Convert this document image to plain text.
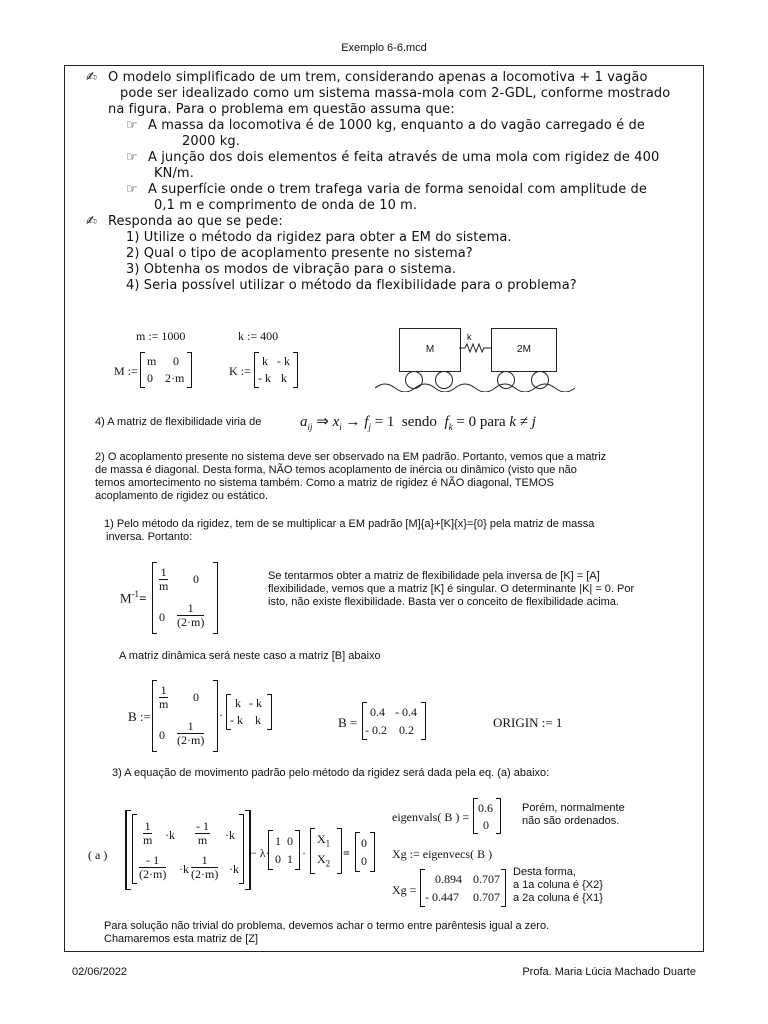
Exemplo 6-6.mcd
✍ O modelo simplificado de um trem, considerando apenas a locomotiva + 1 vagão
pode ser idealizado como um sistema massa-mola com 2-GDL, conforme mostrado
na figura. Para o problema em questão assuma que:
☞ A massa da locomotiva é de 1000 kg, enquanto a do vagão carregado é de
2000 kg.
☞ A junção dos dois elementos é feita através de uma mola com rigidez de 400
KN/m.
☞ A superfície onde o trem trafega varia de forma senoidal com amplitude de
0,1 m e comprimento de onda de 10 m.
✍ Responda ao que se pede:
1) Utilize o método da rigidez para obter a EM do sistema.
2) Qual o tipo de acoplamento presente no sistema?
3) Obtenha os modos de vibração para o sistema.
4) Seria possível utilizar o método da flexibilidade para o problema?
m := 1000	k := 400
M :=
m 0
0 2·m	K :=
k - k
- k k
M
k
2M
4) A matriz de flexibilidade viria de	$a_{ij}$ ⇒ $x_i \to f_j = 1$  sendo  $f_k = 0$ para k ≠ j
2) O acoplamento presente no sistema deve ser observado na EM padrão. Portanto, vemos que a matriz
de massa é diagonal. Desta forma, NÃO temos acoplamento de inércia ou dinâmico (visto que não
temos amortecimento no sistema também. Como a matriz de rigidez é NÃO diagonal, TEMOS
acoplamento de rigidez ou estático.
1) Pelo método da rigidez, tem de se multiplicar a EM padrão [M]{a}+[K]{x}={0} pela matriz de massa
inversa. Portanto:
$M^{-1}=$
$\frac{1}{m} 0$
$0 \frac{1}{(2\cdot m)}$
Se tentarmos obter a matriz de flexibilidade pela inversa de [K] = [A]
flexibilidade, vemos que a matriz [K] é singular. O determinante |K| = 0. Por
isto, não existe flexibilidade. Basta ver o conceito de flexibilidade acima.
A matriz dinâmica será neste caso a matriz [B] abaixo
B :=
$\frac{1}{m} 0$
$0 \frac{1}{(2\cdot m)}$
·
k - k
- k k	B =
0.4 - 0.4
- 0.2 0.2	ORIGIN := 1
3) A equação de movimento padrão pelo método da rigidez será dada pela eq. (a) abaixo:
( a )
$\frac{1}{m} \cdot k \frac{- 1}{m} \cdot k$
$\frac{- 1}{(2\cdot m)} \cdot k \frac{1}{(2\cdot m)} \cdot k$
− λ·
1 0
0 1 ·
$X_1$
$X_2$
=
0
0
eigenvals( B ) =
0.6
0
Porém, normalmente
não são ordenados.
Xg := eigenvecs( B )
Xg =
0.894 0.707
- 0.447 0.707
Desta forma,
a 1a coluna é {X2}
a 2a coluna é {X1}
Para solução não trivial do problema, devemos achar o termo entre parêntesis igual a zero.
Chamaremos esta matriz de [Z]
02/06/2022	Profa. Maria Lúcia Machado Duarte
